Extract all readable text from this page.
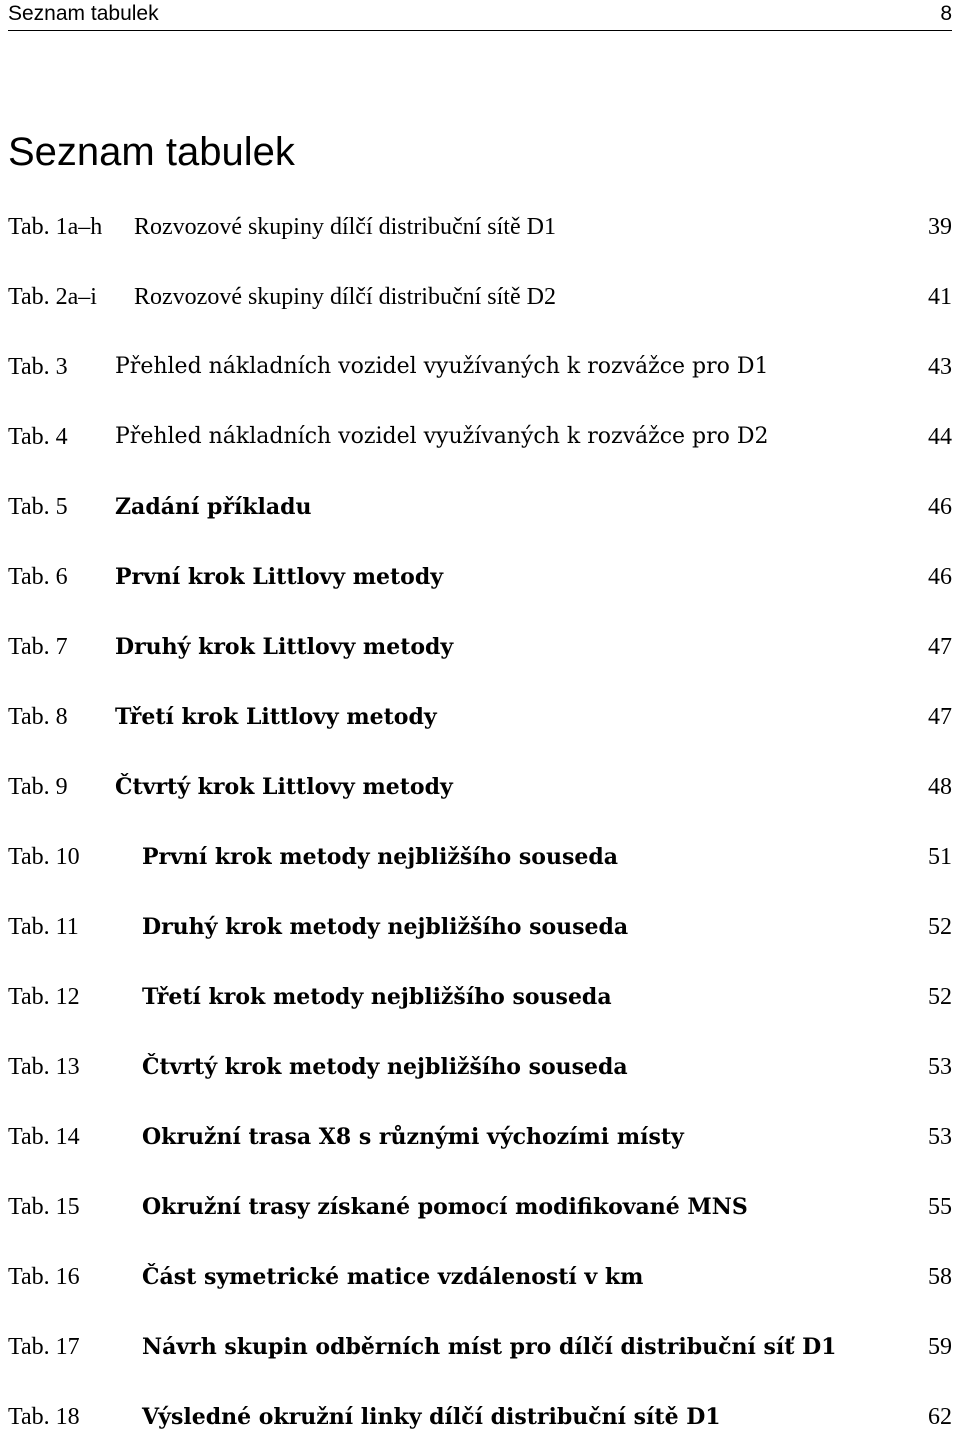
Seznam tabulek	8
Seznam tabulek
Tab. 1a–h Rozvozové skupiny dílčí distribuční sítě D1	39
Tab. 2a–i Rozvozové skupiny dílčí distribuční sítě D2	41
Tab. 3 Přehled nákladních vozidel využívaných k rozvážce pro D1	43
Tab. 4 Přehled nákladních vozidel využívaných k rozvážce pro D2	44
Tab. 5 Zadání příkladu	46
Tab. 6 První krok Littlovy metody	46
Tab. 7 Druhý krok Littlovy metody	47
Tab. 8 Třetí krok Littlovy metody	47
Tab. 9 Čtvrtý krok Littlovy metody	48
Tab. 10	První krok metody nejbližšího souseda	51
Tab. 11	Druhý krok metody nejbližšího souseda	52
Tab. 12	Třetí krok metody nejbližšího souseda	52
Tab. 13	Čtvrtý krok metody nejbližšího souseda	53
Tab. 14	Okružní trasa X8 s různými výchozími místy	53
Tab. 15	Okružní trasy získané pomocí modifikované MNS	55
Tab. 16	Část symetrické matice vzdáleností v km	58
Tab. 17	Návrh skupin odběrních míst pro dílčí distribuční síť D1	59
Tab. 18	Výsledné okružní linky dílčí distribuční sítě D1	62
